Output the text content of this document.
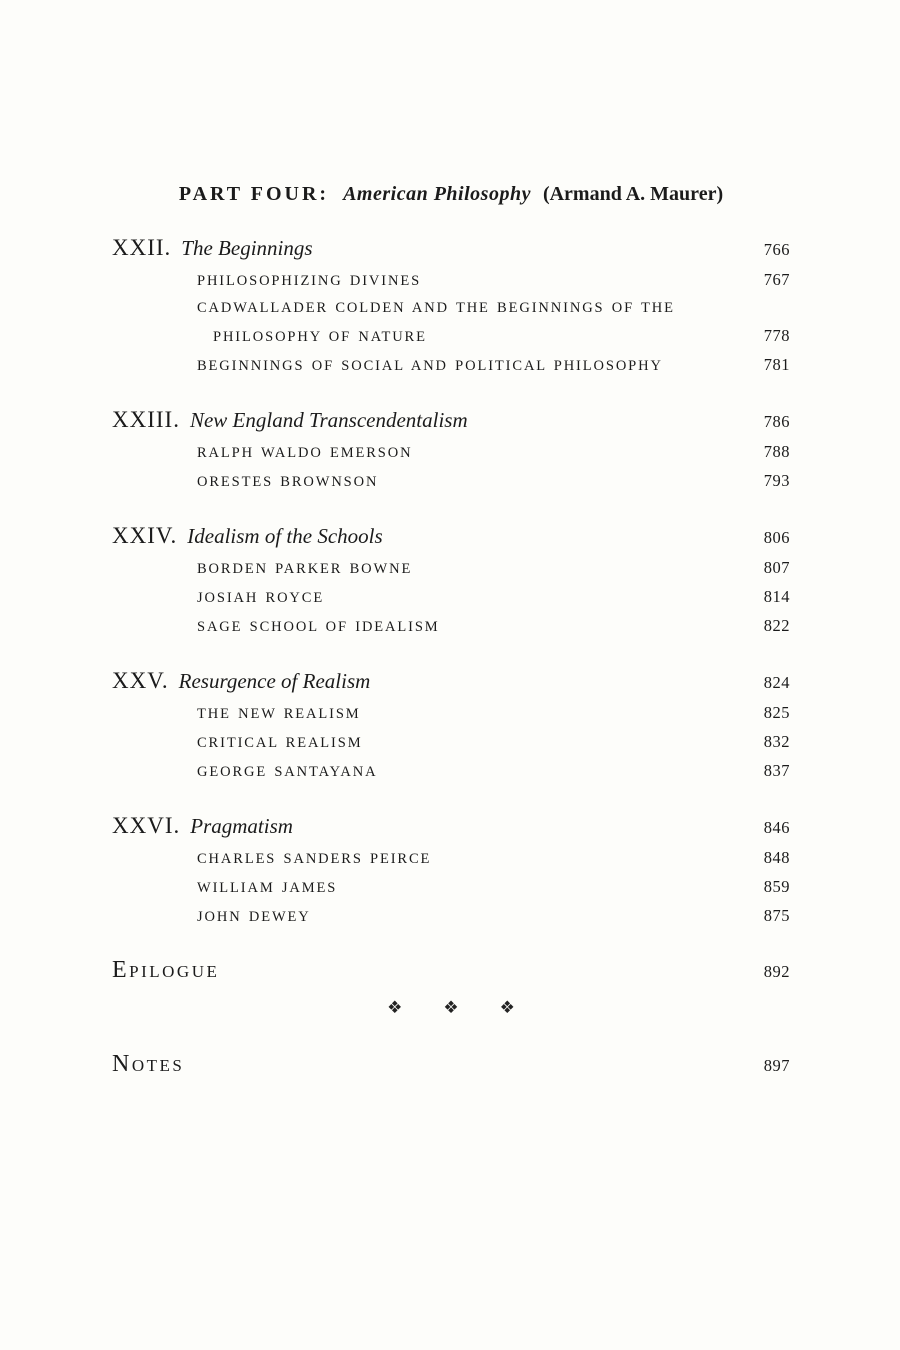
PART FOUR: American Philosophy (Armand A. Maurer)
XXII. The Beginnings	766
PHILOSOPHIZING DIVINES	767
CADWALLADER COLDEN AND THE BEGINNINGS OF THE
PHILOSOPHY OF NATURE	778
BEGINNINGS OF SOCIAL AND POLITICAL PHILOSOPHY	781
XXIII. New England Transcendentalism	786
RALPH WALDO EMERSON	788
ORESTES BROWNSON	793
XXIV. Idealism of the Schools	806
BORDEN PARKER BOWNE	807
JOSIAH ROYCE	814
SAGE SCHOOL OF IDEALISM	822
XXV. Resurgence of Realism	824
THE NEW REALISM	825
CRITICAL REALISM	832
GEORGE SANTAYANA	837
XXVI. Pragmatism	846
CHARLES SANDERS PEIRCE	848
WILLIAM JAMES	859
JOHN DEWEY	875
Epilogue	892
❖ ❖ ❖
Notes	897
